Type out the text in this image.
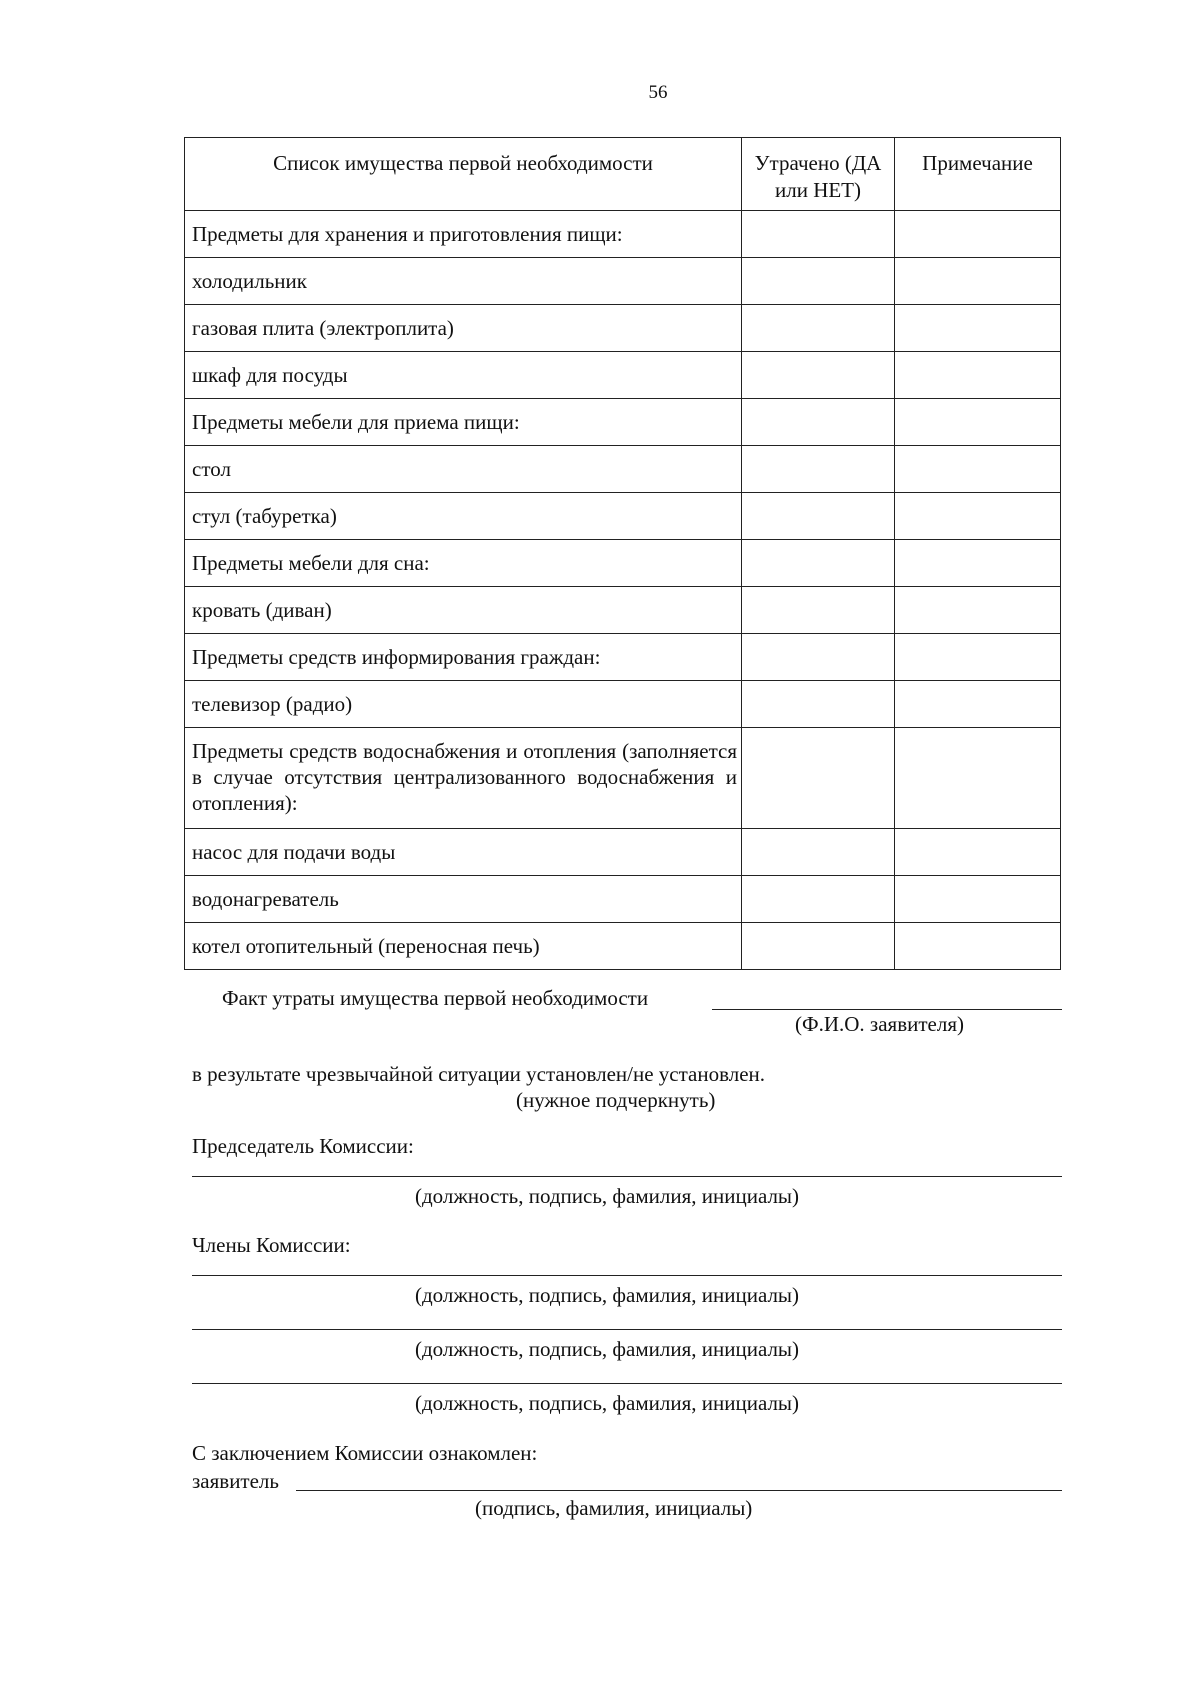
56
Список имущества первой необходимости	Утрачено (ДА или НЕТ)	Примечание
Предметы для хранения и приготовления пищи:		
холодильник		
газовая плита (электроплита)		
шкаф для посуды		
Предметы мебели для приема пищи:		
стол		
стул (табуретка)		
Предметы мебели для сна:		
кровать (диван)		
Предметы средств информирования граждан:		
телевизор (радио)		
Предметы средств водоснабжения и отопления (заполняется в случае отсутствия централизованного водоснабжения и отопления):		
насос для подачи воды		
водонагреватель		
котел отопительный (переносная печь)		
Факт утраты имущества первой необходимости
(Ф.И.О. заявителя)
в результате чрезвычайной ситуации установлен/не установлен.
(нужное подчеркнуть)
Председатель Комиссии:
(должность, подпись, фамилия, инициалы)
Члены Комиссии:
(должность, подпись, фамилия, инициалы)
(должность, подпись, фамилия, инициалы)
(должность, подпись, фамилия, инициалы)
С заключением Комиссии ознакомлен:
заявитель
(подпись, фамилия, инициалы)
